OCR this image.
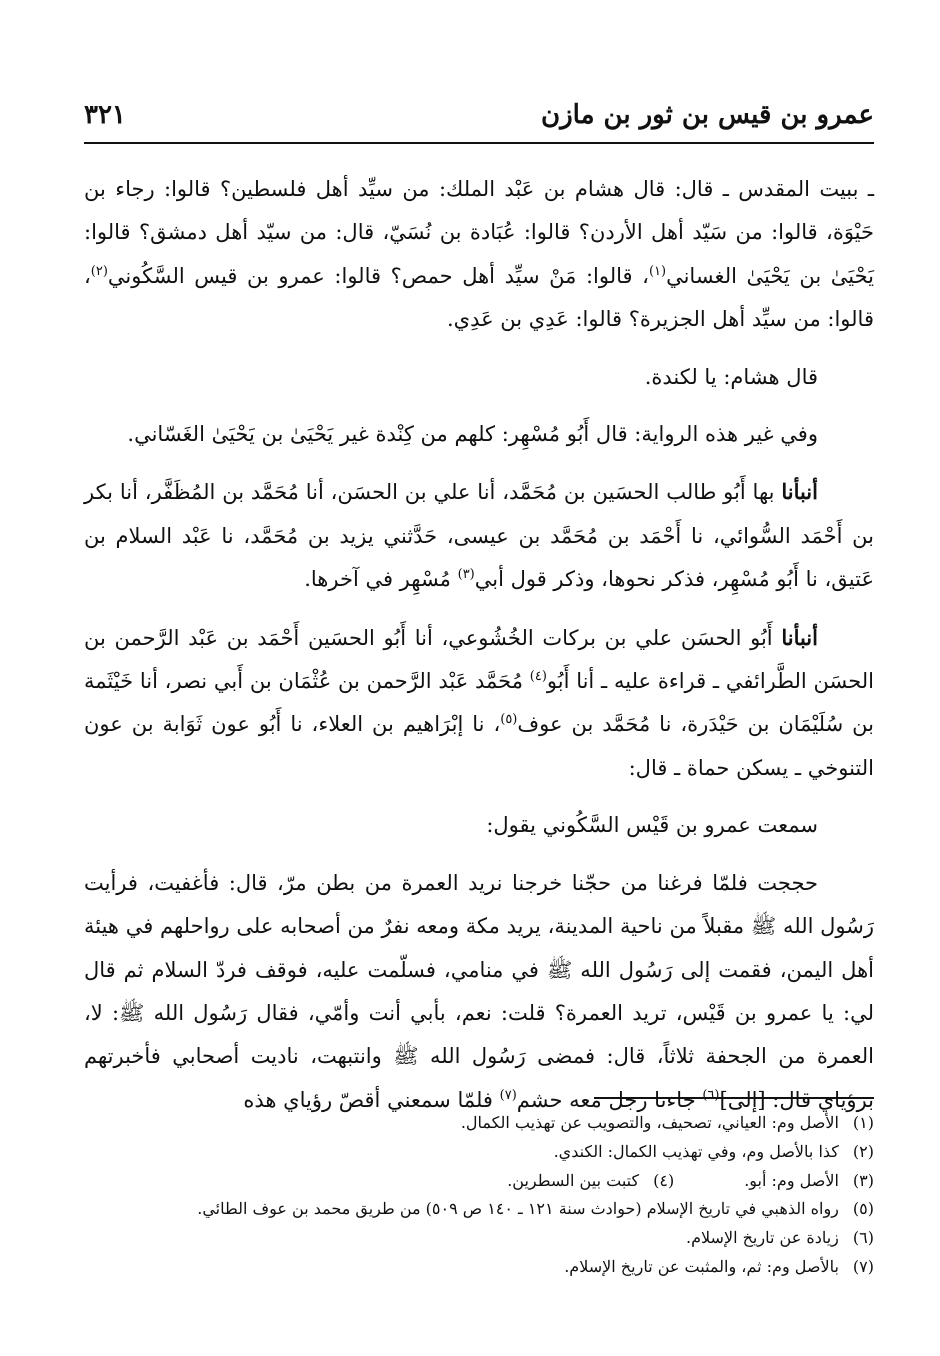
عمرو بن قيس بن ثور بن مازن
٣٢١

ـ ببيت المقدس ـ قال: قال هشام بن عَبْد الملك: من سيِّد أهل فلسطين؟ قالوا: رجاء بن حَيْوَة، قالوا: من سَيّد أهل الأردن؟ قالوا: عُبَادة بن نُسَيّ، قال: من سيّد أهل دمشق؟ قالوا: يَحْيَىٰ بن يَحْيَىٰ الغساني$^{(١)}$، قالوا: مَنْ سيِّد أهل حمص؟ قالوا: عمرو بن قيس السَّكُوني$^{(٢)}$، قالوا: من سيِّد أهل الجزيرة؟ قالوا: عَدِي بن عَدِي.

قال هشام: يا لكندة.

وفي غير هذه الرواية: قال أَبُو مُسْهِر: كلهم من كِنْدة غير يَحْيَىٰ بن يَحْيَىٰ الغَسّاني.

أنبأنا بها أَبُو طالب الحسَين بن مُحَمَّد، أنا علي بن الحسَن، أنا مُحَمَّد بن المُظَفَّر، أنا بكر بن أَحْمَد السُّوائي، نا أَحْمَد بن مُحَمَّد بن عيسى، حَدَّثني يزيد بن مُحَمَّد، نا عَبْد السلام بن عَتيق، نا أَبُو مُسْهِر، فذكر نحوها، وذكر قول أبي$^{(٣)}$ مُسْهِر في آخرها.

أنبأنا أَبُو الحسَن علي بن بركات الخُشُوعي، أنا أَبُو الحسَين أَحْمَد بن عَبْد الرَّحمن بن الحسَن الطَّرائفي ـ قراءة عليه ـ أنا أَبُو$^{(٤)}$ مُحَمَّد عَبْد الرَّحمن بن عُثْمَان بن أَبي نصر، أنا خَيْثَمة بن سُلَيْمَان بن حَيْدَرة، نا مُحَمَّد بن عوف$^{(٥)}$، نا إبْرَاهيم بن العلاء، نا أَبُو عون ثَوَابة بن عون التنوخي ـ يسكن حماة ـ قال:

سمعت عمرو بن قَيْس السَّكُوني يقول:

حججت فلمّا فرغنا من حجّنا خرجنا نريد العمرة من بطن مرّ، قال: فأغفيت، فرأيت رَسُول الله ﷺ مقبلاً من ناحية المدينة، يريد مكة ومعه نفرٌ من أصحابه على رواحلهم في هيئة أهل اليمن، فقمت إلى رَسُول الله ﷺ في منامي، فسلّمت عليه، فوقف فردّ السلام ثم قال لي: يا عمرو بن قَيْس، تريد العمرة؟ قلت: نعم، بأبي أنت وأمّي، فقال رَسُول الله ﷺ: لا، العمرة من الجحفة ثلاثاً، قال: فمضى رَسُول الله ﷺ وانتبهت، ناديت أصحابي فأخبرتهم برؤياي قال: [إلى]$^{(٦)}$ جاءنا رجل معه حشم$^{(٧)}$ فلمّا سمعني أقصّ رؤياي هذه

(١)الأصل وم: العياني، تصحيف، والتصويب عن تهذيب الكمال.
(٢)كذا بالأصل وم، وفي تهذيب الكمال: الكندي.
(٣)الأصل وم: أبو.(٤)كتبت بين السطرين.
(٥)رواه الذهبي في تاريخ الإسلام (حوادث سنة ١٢١ ـ ١٤٠ ص ٥٠٩) من طريق محمد بن عوف الطائي.
(٦)زيادة عن تاريخ الإسلام.
(٧)بالأصل وم: ثم، والمثبت عن تاريخ الإسلام.
